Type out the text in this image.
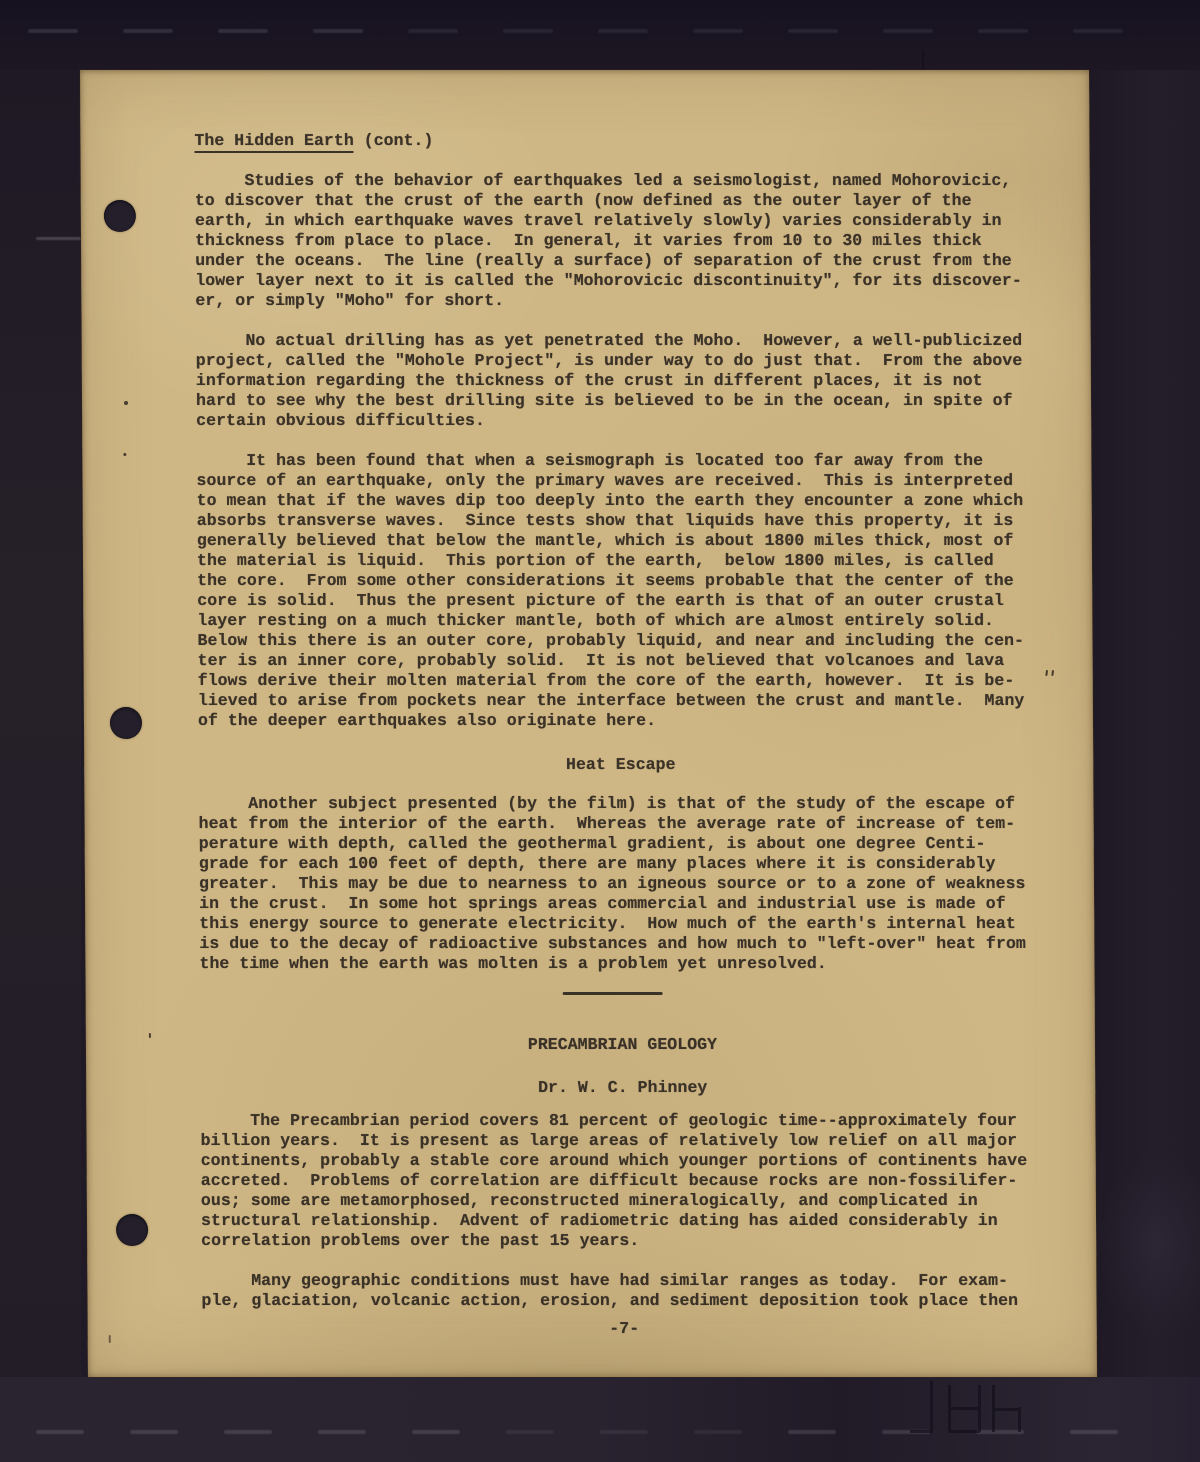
The Hidden Earth (cont.)

Studies of the behavior of earthquakes led a seismologist, named Mohorovicic,
to discover that the crust of the earth (now defined as the outer layer of the
earth, in which earthquake waves travel relatively slowly) varies considerably in
thickness from place to place.  In general, it varies from 10 to 30 miles thick
under the oceans.  The line (really a surface) of separation of the crust from the
lower layer next to it is called the "Mohorovicic discontinuity", for its discover-
er, or simply "Moho" for short.

No actual drilling has as yet penetrated the Moho.  However, a well-publicized
project, called the "Mohole Project", is under way to do just that.  From the above
information regarding the thickness of the crust in different places, it is not
hard to see why the best drilling site is believed to be in the ocean, in spite of
certain obvious difficulties.

It has been found that when a seismograph is located too far away from the
source of an earthquake, only the primary waves are received.  This is interpreted
to mean that if the waves dip too deeply into the earth they encounter a zone which
absorbs transverse waves.  Since tests show that liquids have this property, it is
generally believed that below the mantle, which is about 1800 miles thick, most of
the material is liquid.  This portion of the earth,  below 1800 miles, is called
the core.  From some other considerations it seems probable that the center of the
core is solid.  Thus the present picture of the earth is that of an outer crustal
layer resting on a much thicker mantle, both of which are almost entirely solid.
Below this there is an outer core, probably liquid, and near and including the cen-
ter is an inner core, probably solid.  It is not believed that volcanoes and lava
flows derive their molten material from the core of the earth, however.  It is be-
lieved to arise from pockets near the interface between the crust and mantle.  Many
of the deeper earthquakes also originate here.

Heat Escape

Another subject presented (by the film) is that of the study of the escape of
heat from the interior of the earth.  Whereas the average rate of increase of tem-
perature with depth, called the geothermal gradient, is about one degree Centi-
grade for each 100 feet of depth, there are many places where it is considerably
greater.  This may be due to nearness to an igneous source or to a zone of weakness
in the crust.  In some hot springs areas commercial and industrial use is made of
this energy source to generate electricity.  How much of the earth's internal heat
is due to the decay of radioactive substances and how much to "left-over" heat from
the time when the earth was molten is a problem yet unresolved.

PRECAMBRIAN GEOLOGY

Dr. W. C. Phinney

The Precambrian period covers 81 percent of geologic time--approximately four
billion years.  It is present as large areas of relatively low relief on all major
continents, probably a stable core around which younger portions of continents have
accreted.  Problems of correlation are difficult because rocks are non-fossilifer-
ous; some are metamorphosed, reconstructed mineralogically, and complicated in
structural relationship.  Advent of radiometric dating has aided considerably in
correlation problems over the past 15 years.

Many geographic conditions must have had similar ranges as today.  For exam-
ple, glaciation, volcanic action, erosion, and sediment deposition took place then

-7-
